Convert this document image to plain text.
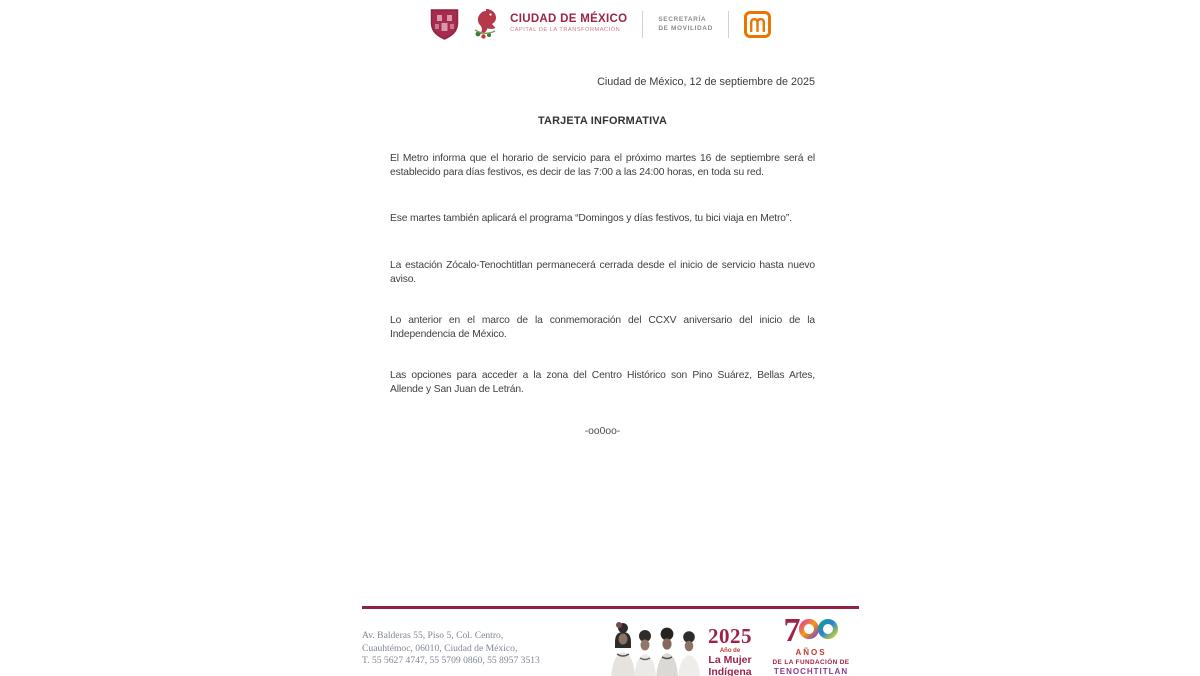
CIUDAD DE MÉXICO
CAPITAL DE LA TRANSFORMACIÓN
SECRETARÍA
DE MOVILIDAD
Ciudad de México, 12 de septiembre de 2025
TARJETA INFORMATIVA

El Metro informa que el horario de servicio para el próximo martes 16 de septiembre será el establecido para días festivos, es decir de las 7:00 a las 24:00 horas, en toda su red.

Ese martes también aplicará el programa “Domingos y días festivos, tu bici viaja en Metro”.

La estación Zócalo-Tenochtitlan permanecerá cerrada desde el inicio de servicio hasta nuevo aviso.

Lo anterior en el marco de la conmemoración del CCXV aniversario del inicio de la Independencia de México.

Las opciones para acceder a la zona del Centro Histórico son Pino Suárez, Bellas Artes, Allende y San Juan de Letrán.

-oo0oo-
Av. Balderas 55, Piso 5, Col. Centro,
Cuauhtémoc, 06010, Ciudad de México,
T. 55 5627 4747, 55 5709 0860, 55 8957 3513
2025
Año de
La Mujer
Indígena
7
AÑOS
DE LA FUNDACIÓN DE
TENOCHTITLAN
